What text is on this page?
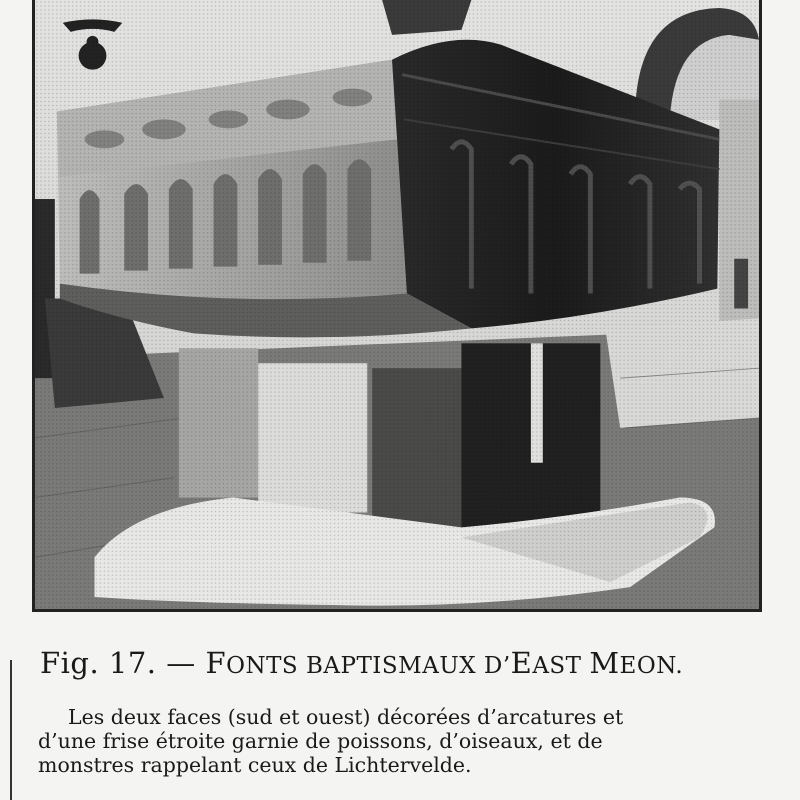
Fig. 17. — FONTS BAPTISMAUX D’EAST MEON.
Les deux faces (sud et ouest) décorées d’arcatures et
d’une frise étroite garnie de poissons, d’oiseaux, et de
monstres rappelant ceux de Lichtervelde.
